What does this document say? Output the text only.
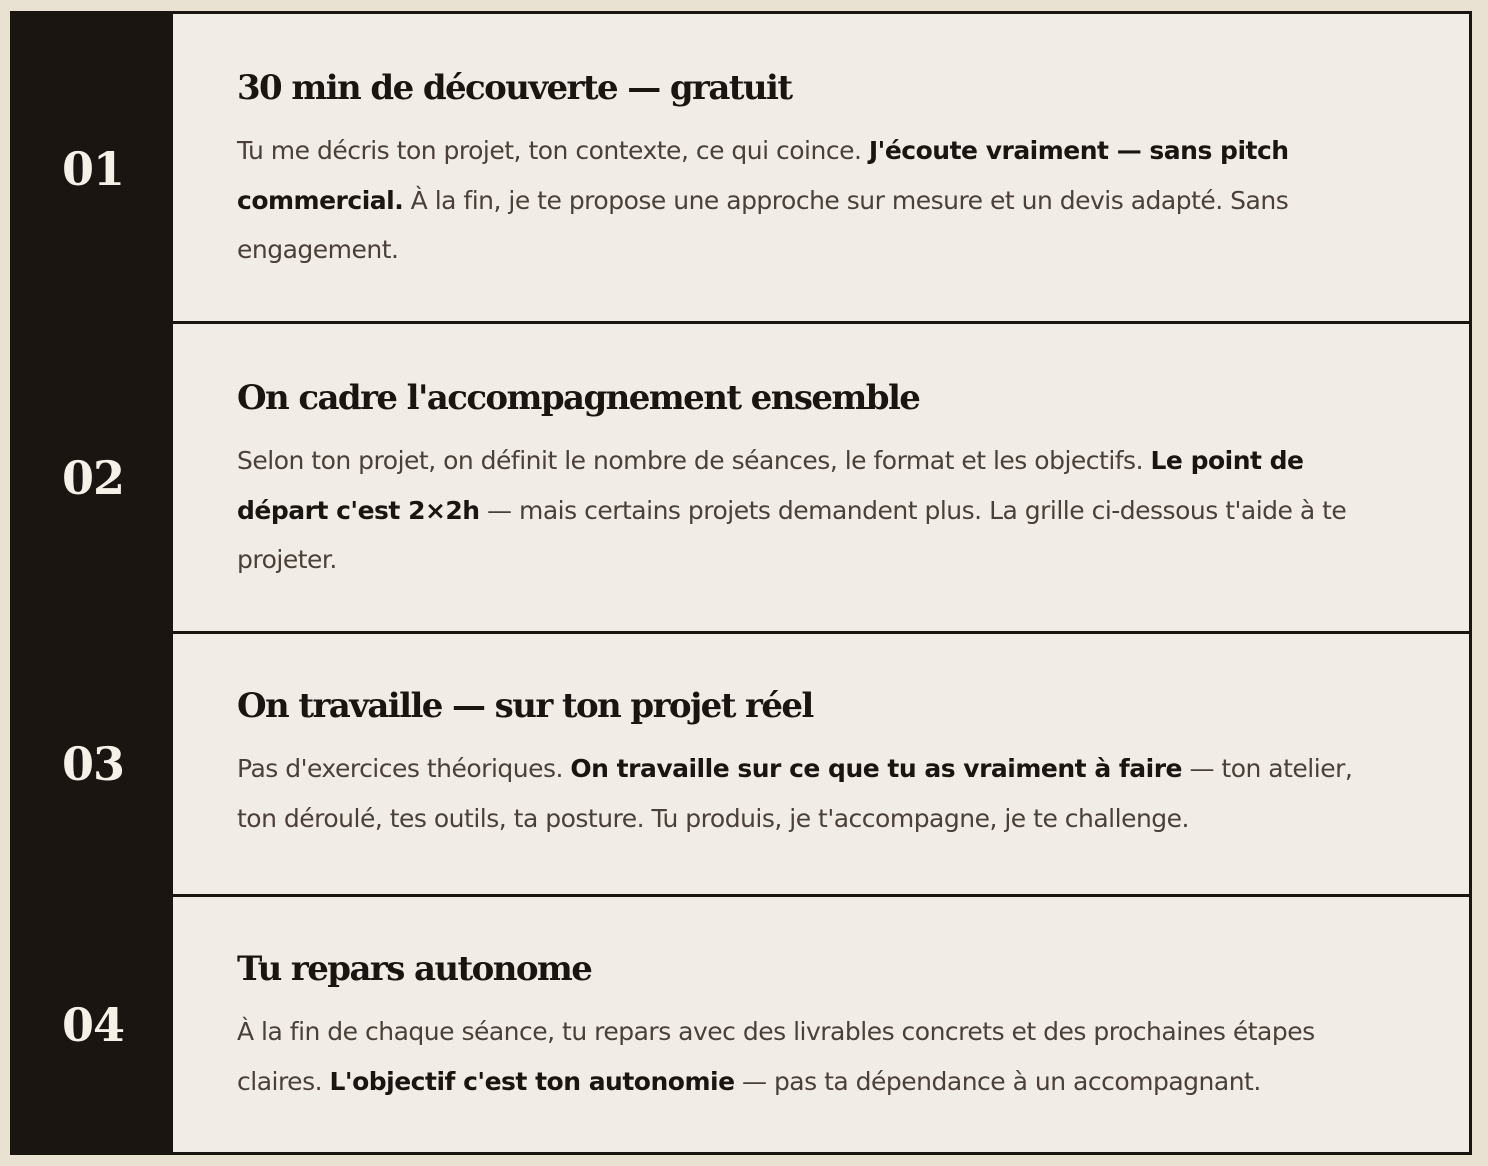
01
30 min de découverte — gratuit

Tu me décris ton projet, ton contexte, ce qui coince. J'écoute vraiment — sans pitch commercial. À la fin, je te propose une approche sur mesure et un devis adapté. Sans engagement.

02
On cadre l'accompagnement ensemble

Selon ton projet, on définit le nombre de séances, le format et les objectifs. Le point de départ c'est 2×2h — mais certains projets demandent plus. La grille ci-dessous t'aide à te projeter.

03
On travaille — sur ton projet réel

Pas d'exercices théoriques. On travaille sur ce que tu as vraiment à faire — ton atelier, ton déroulé, tes outils, ta posture. Tu produis, je t'accompagne, je te challenge.

04
Tu repars autonome

À la fin de chaque séance, tu repars avec des livrables concrets et des prochaines étapes claires. L'objectif c'est ton autonomie — pas ta dépendance à un accompagnant.
